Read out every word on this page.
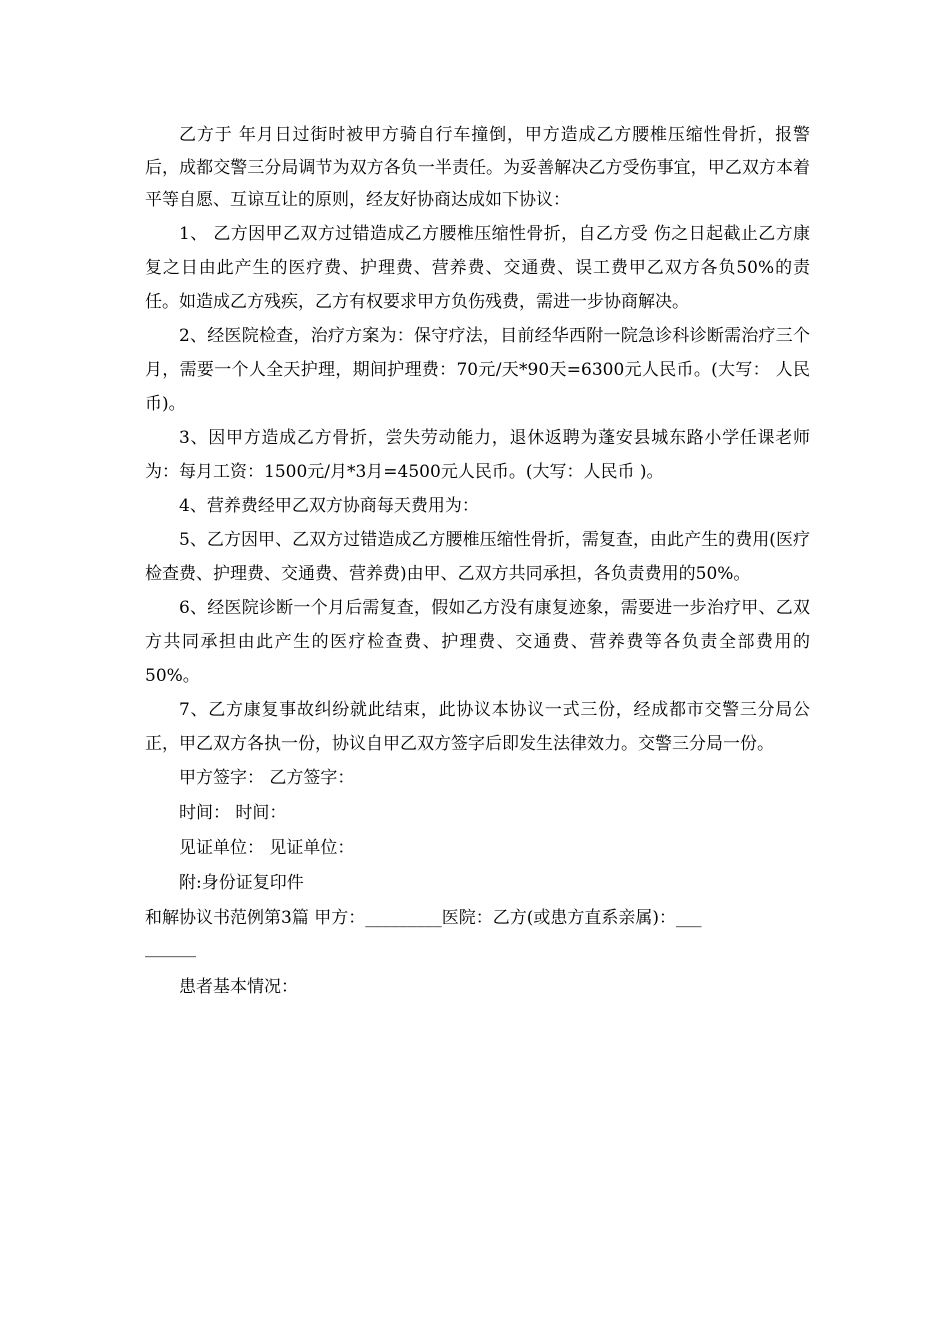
乙方于 年月日过街时被甲方骑自行车撞倒，甲方造成乙方腰椎压缩性骨折，报警后，成都交警三分局调节为双方各负一半责任。为妥善解决乙方受伤事宜，甲乙双方本着平等自愿、互谅互让的原则，经友好协商达成如下协议：

1、 乙方因甲乙双方过错造成乙方腰椎压缩性骨折，自乙方受 伤之日起截止乙方康复之日由此产生的医疗费、护理费、营养费、交通费、误工费甲乙双方各负50%的责任。如造成乙方残疾，乙方有权要求甲方负伤残费，需进一步协商解决。

2、经医院检查，治疗方案为：保守疗法，目前经华西附一院急诊科诊断需治疗三个月，需要一个人全天护理，期间护理费：70元/天*90天=6300元人民币。(大写： 人民币)。

3、因甲方造成乙方骨折，尝失劳动能力，退休返聘为蓬安县城东路小学任课老师为：每月工资：1500元/月*3月=4500元人民币。(大写：人民币 )。

4、营养费经甲乙双方协商每天费用为：

5、乙方因甲、乙双方过错造成乙方腰椎压缩性骨折，需复查，由此产生的费用(医疗检查费、护理费、交通费、营养费)由甲、乙双方共同承担，各负责费用的50%。

6、经医院诊断一个月后需复查，假如乙方没有康复迹象，需要进一步治疗甲、乙双方共同承担由此产生的医疗检查费、护理费、交通费、营养费等各负责全部费用的50%。

7、乙方康复事故纠纷就此结束，此协议本协议一式三份，经成都市交警三分局公正，甲乙双方各执一份，协议自甲乙双方签字后即发生法律效力。交警三分局一份。

甲方签字： 乙方签字：

时间： 时间：

见证单位： 见证单位：

附:身份证复印件

和解协议书范例第3篇 甲方：_________医院：乙方(或患方直系亲属)：___

______

患者基本情况：
